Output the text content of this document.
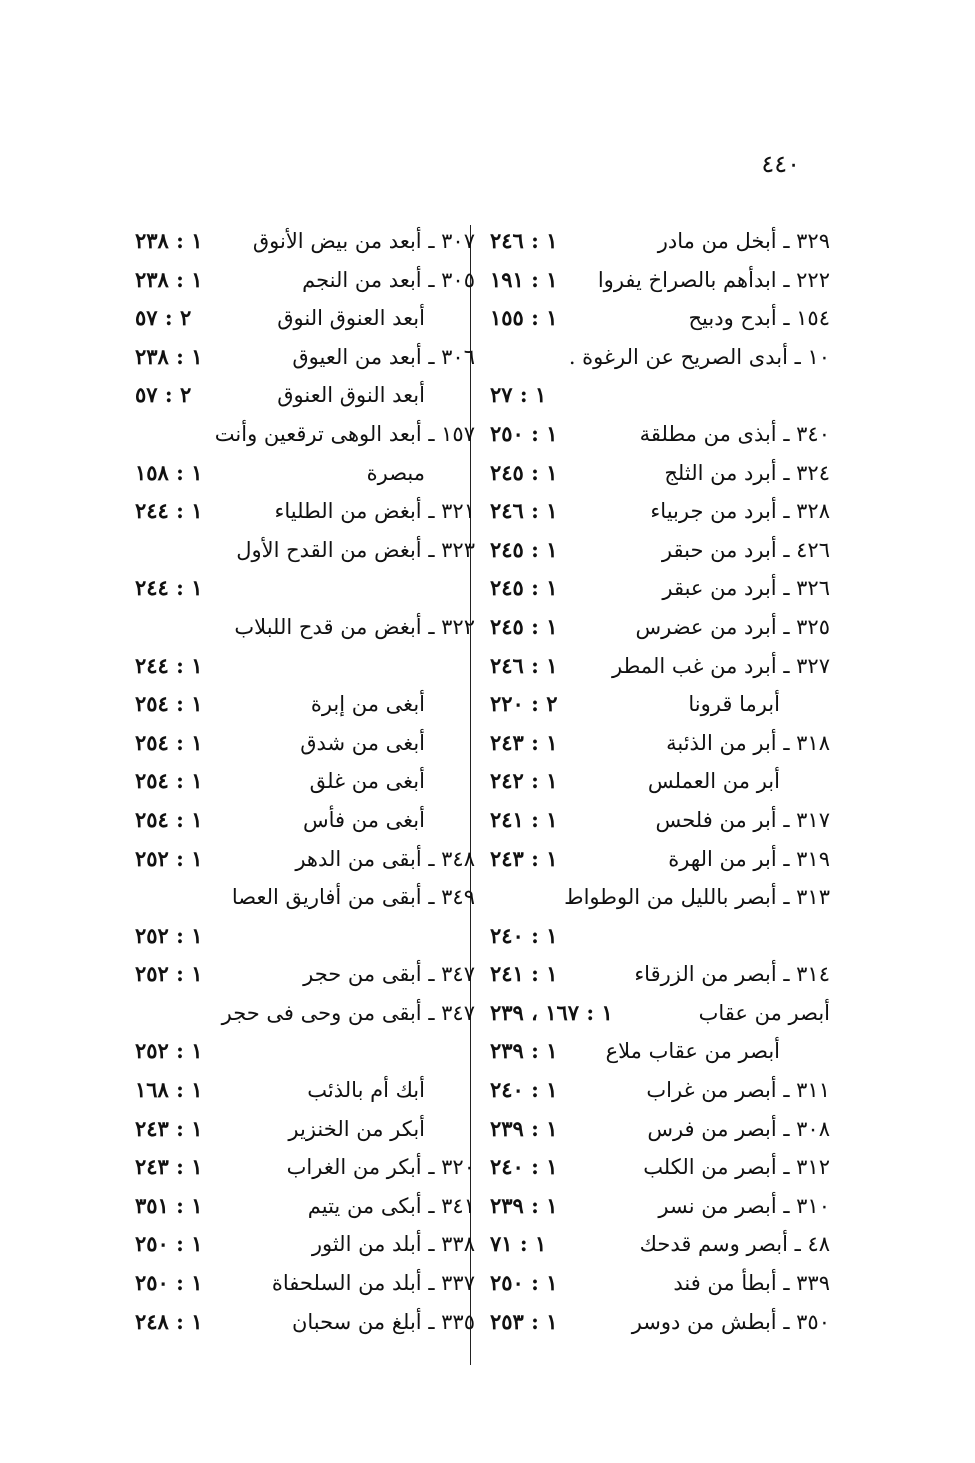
٤٤٠
٣٢٩ ـ أبخل من مادر
١ : ٢٤٦
٢٢٢ ـ ابدأهم بالصراخ يفروا
١ : ١٩١
١٥٤ ـ أبدح ودبيح
١ : ١٥٥
١٠ ـ أبدى الصريح عن الرغوة .
١ : ٢٧
٣٤٠ ـ أبذى من مطلقة
١ : ٢٥٠
٣٢٤ ـ أبرد من الثلج
١ : ٢٤٥
٣٢٨ ـ أبرد من جربياء
١ : ٢٤٦
٤٢٦ ـ أبرد من حبقر
١ : ٢٤٥
٣٢٦ ـ أبرد من عبقر
١ : ٢٤٥
٣٢٥ ـ أبرد من عضرس
١ : ٢٤٥
٣٢٧ ـ أبرد من غب المطر
١ : ٢٤٦
أبرما قرونا
٢ : ٢٢٠
٣١٨ ـ أبر من الذئبة
١ : ٢٤٣
أبر من العملس
١ : ٢٤٢
٣١٧ ـ أبر من فلحس
١ : ٢٤١
٣١٩ ـ أبر من الهرة
١ : ٢٤٣
٣١٣ ـ أبصر بالليل من الوطواط
١ : ٢٤٠
٣١٤ ـ أبصر من الزرقاء
١ : ٢٤١
أبصر من عقاب
١ : ١٦٧ ، ٢٣٩
أبصر من عقاب ملاع
١ : ٢٣٩
٣١١ ـ أبصر من غراب
١ : ٢٤٠
٣٠٨ ـ أبصر من فرس
١ : ٢٣٩
٣١٢ ـ أبصر من الكلب
١ : ٢٤٠
٣١٠ ـ أبصر من نسر
١ : ٢٣٩
٤٨ ـ أبصر وسم قدحك
١ : ٧١
٣٣٩ ـ أبطأ من فند
١ : ٢٥٠
٣٥٠ ـ أبطش من دوسر
١ : ٢٥٣
٣٠٧ ـ أبعد من بيض الأنوق
١ : ٢٣٨
٣٠٥ ـ أبعد من النجم
١ : ٢٣٨
أبعد العنوق النوق
٢ : ٥٧
٣٠٦ ـ أبعد من العيوق
١ : ٢٣٨
أبعد النوق العنوق
٢ : ٥٧
١٥٧ ـ أبعد الوهى ترقعين وأنت
مبصرة
١ : ١٥٨
٣٢١ ـ أبغض من الطلياء
١ : ٢٤٤
٣٢٣ ـ أبغض من القدح الأول
١ : ٢٤٤
٣٢٢ ـ أبغض من قدح اللبلاب
١ : ٢٤٤
أبغى من إبرة
١ : ٢٥٤
أبغى من شدق
١ : ٢٥٤
أبغى من غلق
١ : ٢٥٤
أبغى من فأس
١ : ٢٥٤
٣٤٨ ـ أبقى من الدهر
١ : ٢٥٢
٣٤٩ ـ أبقى من أفاريق العصا
١ : ٢٥٢
٣٤٧ ـ أبقى من حجر
١ : ٢٥٢
٣٤٧ ـ أبقى من وحى فى حجر
١ : ٢٥٢
أبك أم بالذئب
١ : ١٦٨
أبكر من الخنزير
١ : ٢٤٣
٣٢٠ ـ أبكر من الغراب
١ : ٢٤٣
٣٤١ ـ أبكى من يتيم
١ : ٣٥١
٣٣٨ ـ أبلد من الثور
١ : ٢٥٠
٣٣٧ ـ أبلد من السلحفاة
١ : ٢٥٠
٣٣٥ ـ أبلغ من سحبان
١ : ٢٤٨
